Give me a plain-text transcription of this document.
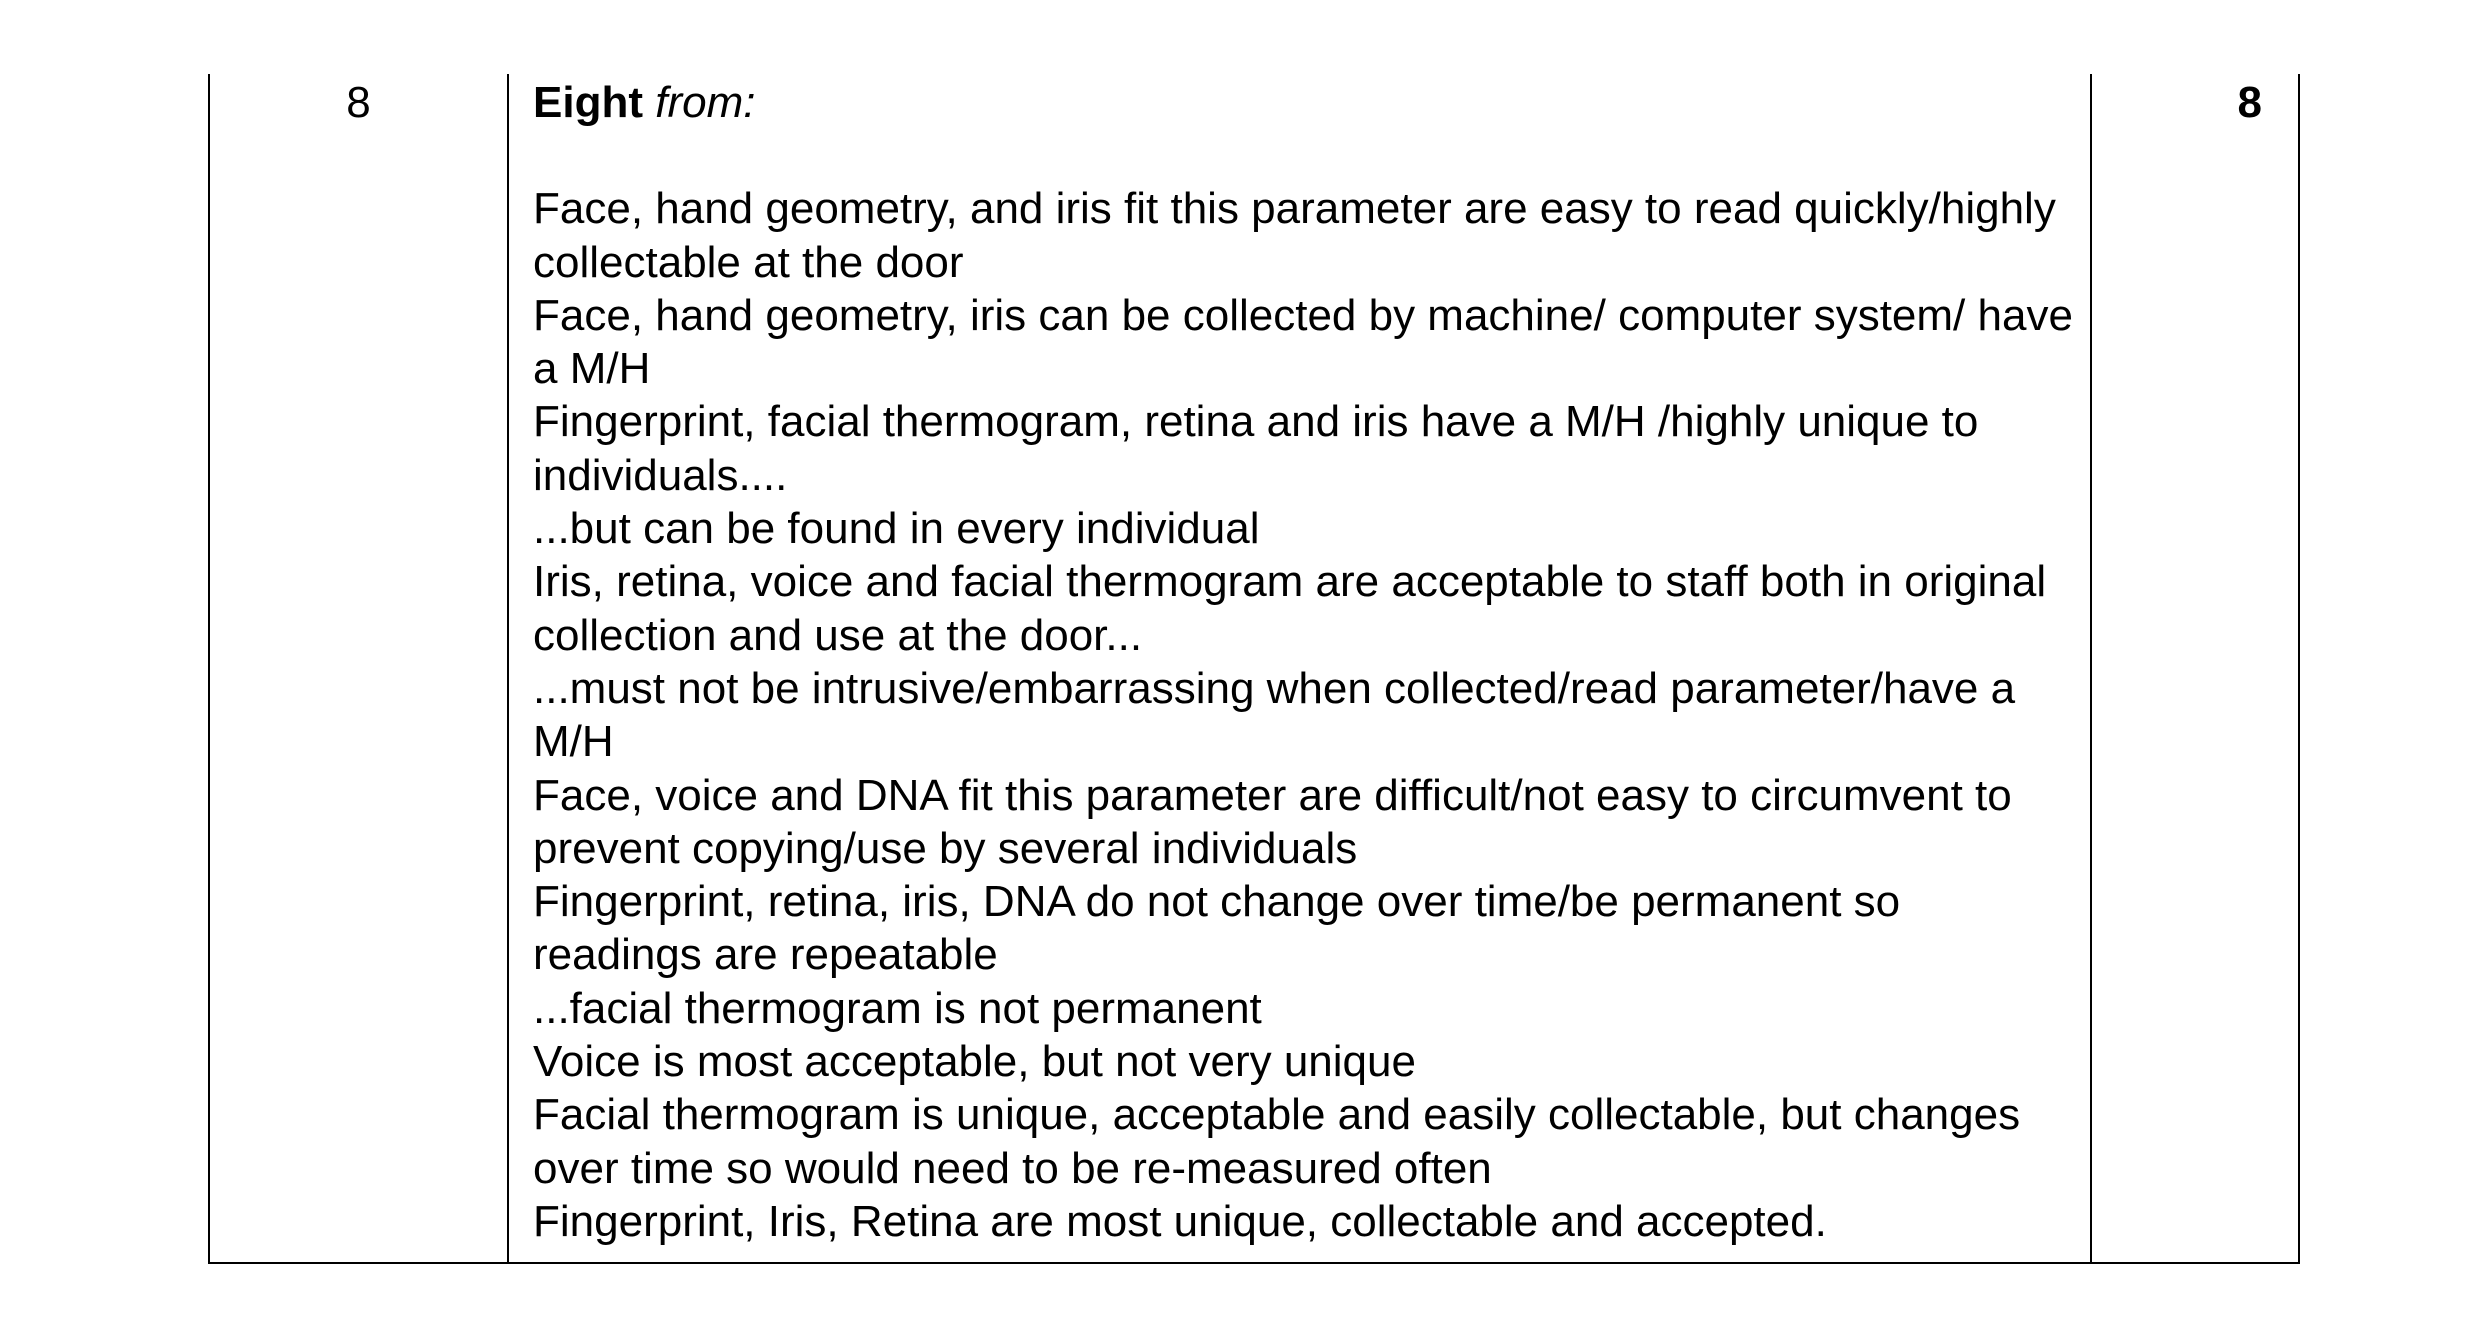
8	Eight from:

Face, hand geometry, and iris fit this parameter are easy to read quickly/highly collectable at the door
Face, hand geometry, iris can be collected by machine/ computer system/ have a M/H
Fingerprint, facial thermogram, retina and iris have a M/H /highly unique to individuals....
...but can be found in every individual
Iris, retina, voice and facial thermogram are acceptable to staff both in original collection and use at the door...
...must not be intrusive/embarrassing when collected/read parameter/have a M/H
Face, voice and DNA fit this parameter are difficult/not easy to circumvent to prevent copying/use by several individuals
Fingerprint, retina, iris, DNA do not change over time/be permanent so readings are repeatable
...facial thermogram is not permanent
Voice is most acceptable, but not very unique
Facial thermogram is unique, acceptable and easily collectable, but changes over time so would need to be re-measured often
Fingerprint, Iris, Retina are most unique, collectable and accepted.
8
